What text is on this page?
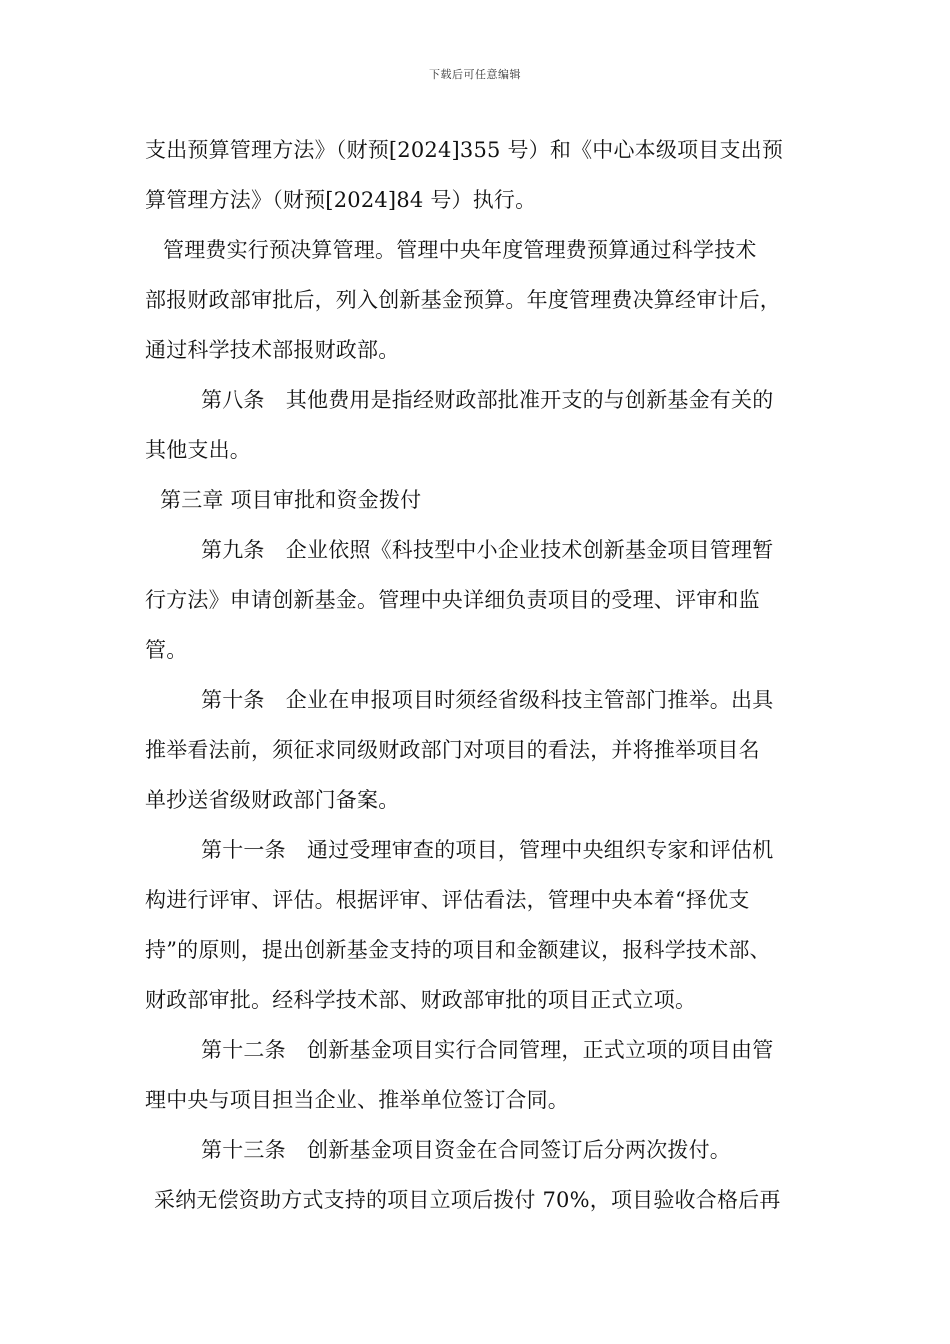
下载后可任意编辑
支出预算管理方法》（财预[2024]355 号）和《中心本级项目支出预
算管理方法》（财预[2024]84 号）执行。
管理费实行预决算管理。管理中央年度管理费预算通过科学技术
部报财政部审批后，列入创新基金预算。年度管理费决算经审计后，
通过科学技术部报财政部。
第八条　其他费用是指经财政部批准开支的与创新基金有关的
其他支出。
第三章 项目审批和资金拨付
第九条　企业依照《科技型中小企业技术创新基金项目管理暂
行方法》申请创新基金。管理中央详细负责项目的受理、评审和监
管。
第十条　企业在申报项目时须经省级科技主管部门推举。出具
推举看法前，须征求同级财政部门对项目的看法，并将推举项目名
单抄送省级财政部门备案。
第十一条　通过受理审查的项目，管理中央组织专家和评估机
构进行评审、评估。根据评审、评估看法，管理中央本着“择优支
持”的原则，提出创新基金支持的项目和金额建议，报科学技术部、
财政部审批。经科学技术部、财政部审批的项目正式立项。
第十二条　创新基金项目实行合同管理，正式立项的项目由管
理中央与项目担当企业、推举单位签订合同。
第十三条　创新基金项目资金在合同签订后分两次拨付。
采纳无偿资助方式支持的项目立项后拨付 70%，项目验收合格后再
